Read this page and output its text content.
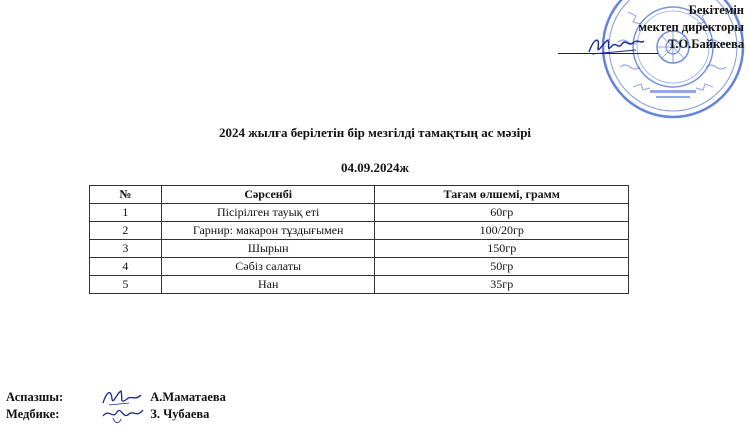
Бекітемін
мектеп директоры
Т.О.Байкеева
2024 жылға берілетін бір мезгілді тамақтың ас мәзірі
04.09.2024ж
№	Сәрсенбі	Тағам өлшемі, грамм
1	Пісірілген тауық еті	60гр
2	Гарнир: макарон тұздығымен	100/20гр
3	Шырын	150гр
4	Сәбіз салаты	50гр
5	Нан	35гр
Аспазшы:	А.Маматаева
Медбике:	З. Чубаева
